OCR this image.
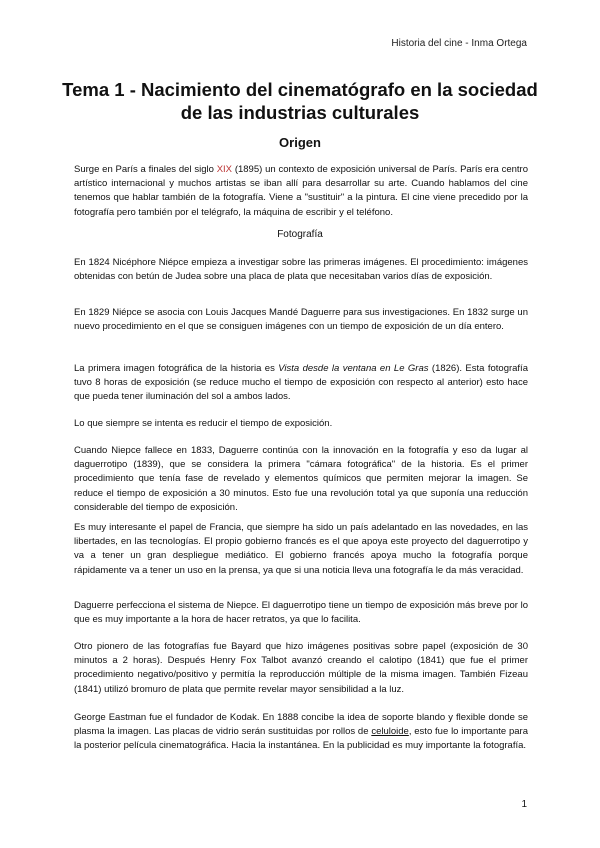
Historia del cine - Inma Ortega
Tema 1 - Nacimiento del cinematógrafo en la sociedad de las industrias culturales
Origen
Surge en París a finales del siglo XIX (1895) un contexto de exposición universal de París. París era centro artístico internacional y muchos artistas se iban allí para desarrollar su arte. Cuando hablamos del cine tenemos que hablar también de la fotografía. Viene a "sustituir" a la pintura. El cine viene precedido por la fotografía pero también por el telégrafo, la máquina de escribir y el teléfono.
Fotografía
En 1824 Nicéphore Niépce empieza a investigar sobre las primeras imágenes. El procedimiento: imágenes obtenidas con betún de Judea sobre una placa de plata que necesitaban varios días de exposición.
En 1829 Niépce se asocia con Louis Jacques Mandé Daguerre para sus investigaciones. En 1832 surge un nuevo procedimiento en el que se consiguen imágenes con un tiempo de exposición de un día entero.
La primera imagen fotográfica de la historia es Vista desde la ventana en Le Gras (1826). Esta fotografía tuvo 8 horas de exposición (se reduce mucho el tiempo de exposición con respecto al anterior) esto hace que pueda tener iluminación del sol a ambos lados.
Lo que siempre se intenta es reducir el tiempo de exposición.
Cuando Niepce fallece en 1833, Daguerre continúa con la innovación en la fotografía y eso da lugar al daguerrotipo (1839), que se considera la primera "cámara fotográfica" de la historia. Es el primer procedimiento que tenía fase de revelado y elementos químicos que permiten mejorar la imagen. Se reduce el tiempo de exposición a 30 minutos. Esto fue una revolución total ya que suponía una reducción considerable del tiempo de exposición.
Es muy interesante el papel de Francia, que siempre ha sido un país adelantado en las novedades, en las libertades, en las tecnologías. El propio gobierno francés es el que apoya este proyecto del daguerrotipo y va a tener un gran despliegue mediático. El gobierno francés apoya mucho la fotografía porque rápidamente va a tener un uso en la prensa, ya que si una noticia lleva una fotografía le da más veracidad.
Daguerre perfecciona el sistema de Niepce. El daguerrotipo tiene un tiempo de exposición más breve por lo que es muy importante a la hora de hacer retratos, ya que lo facilita.
Otro pionero de las fotografías fue Bayard que hizo imágenes positivas sobre papel (exposición de 30 minutos a 2 horas). Después Henry Fox Talbot avanzó creando el calotipo (1841) que fue el primer procedimiento negativo/positivo y permitía la reproducción múltiple de la misma imagen. También Fizeau (1841) utilizó bromuro de plata que permite revelar mayor sensibilidad a la luz.
George Eastman fue el fundador de Kodak. En 1888 concibe la idea de soporte blando y flexible donde se plasma la imagen. Las placas de vidrio serán sustituidas por rollos de celuloide, esto fue lo importante para la posterior película cinematográfica. Hacia la instantánea. En la publicidad es muy importante la fotografía.
1
